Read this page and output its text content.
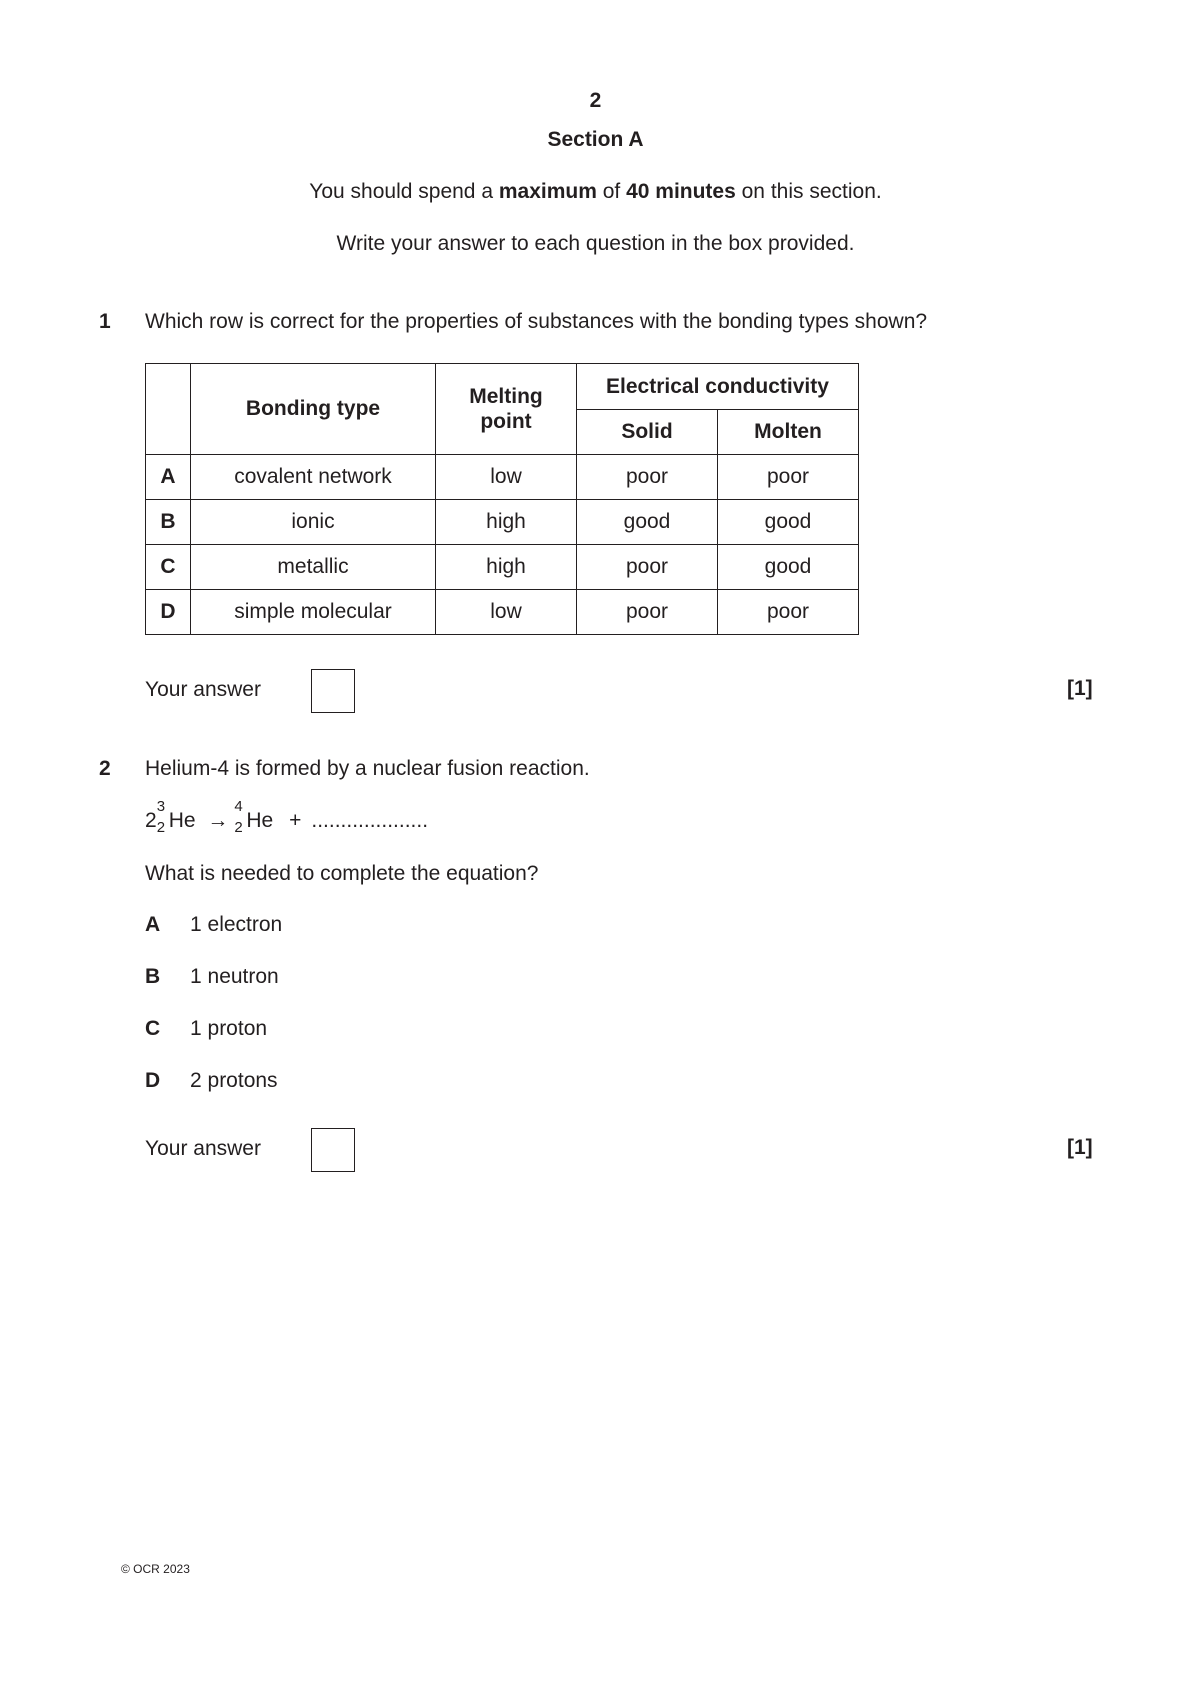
2
Section A
You should spend a maximum of 40 minutes on this section.
Write your answer to each question in the box provided.
1 Which row is correct for the properties of substances with the bonding types shown?
	Bonding type	Melting
point	Electrical conductivity	
			Solid	Molten
A	covalent network	low	poor	poor
B	ionic	high	good	good
C	metallic	high	poor	good
D	simple molecular	low	poor	poor
Your answer	[1]
2 Helium-4 is formed by a nuclear fusion reaction.
2
3
2 He →
4
2 He + ....................
What is needed to complete the equation?
A 1 electron
B 1 neutron
C 1 proton
D 2 protons
Your answer	[1]
© OCR 2023
